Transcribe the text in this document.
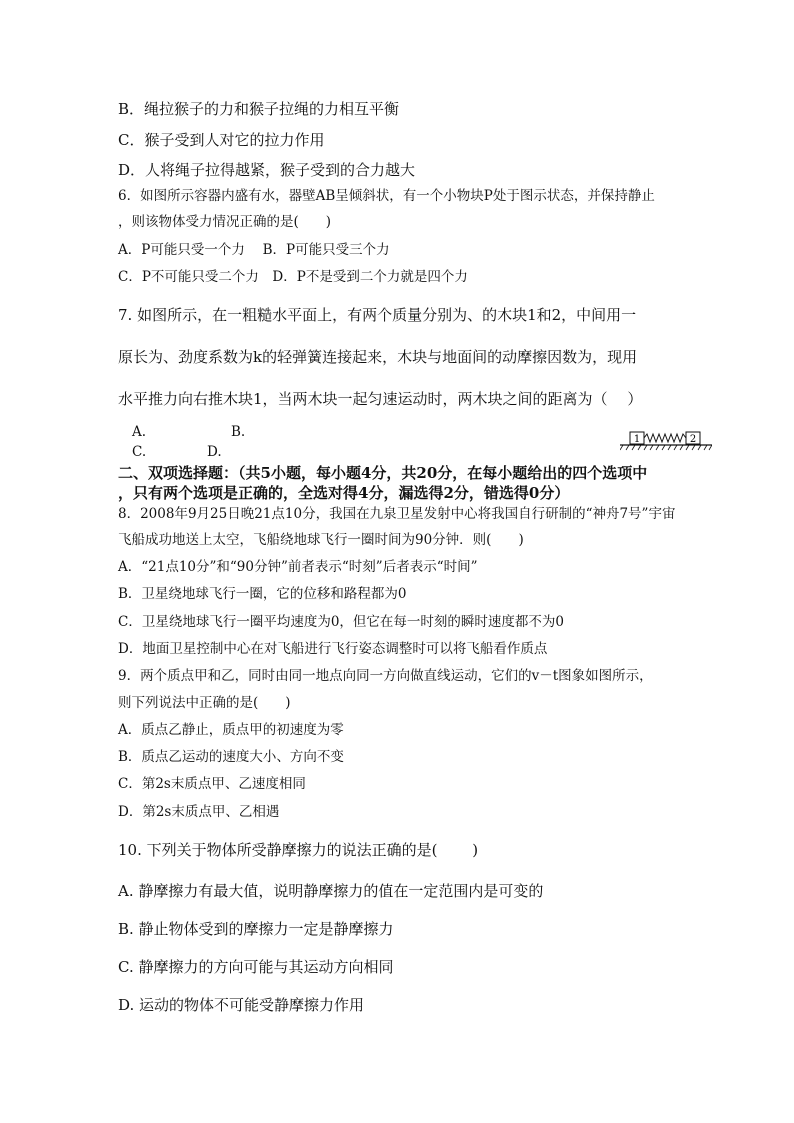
B．绳拉猴子的力和猴子拉绳的力相互平衡
C．猴子受到人对它的拉力作用
D．人将绳子拉得越紧，猴子受到的合力越大
6．如图所示容器内盛有水，器壁AB呈倾斜状，有一个小物块P处于图示状态，并保持静止
，则该物体受力情况正确的是(　　)
A．P可能只受一个力　 B．P可能只受三个力
C．P不可能只受二个力　D．P不是受到二个力就是四个力
7. 如图所示，在一粗糙水平面上，有两个质量分别为、的木块1和2，中间用一
原长为、劲度系数为k的轻弹簧连接起来，木块与地面间的动摩擦因数为，现用
水平推力向右推木块1，当两木块一起匀速运动时，两木块之间的距离为（　 ）
A.	B.
C.	D.
1	2
二、双项选择题：（共5小题，每小题4分，共20分，在每小题给出的四个选项中
，只有两个选项是正确的，全选对得4分，漏选得2分，错选得0分）
8．2008年9月25日晚21点10分，我国在九泉卫星发射中心将我国自行研制的“神舟7号”宇宙
飞船成功地送上太空，飞船绕地球飞行一圈时间为90分钟．则(　　)
A．“21点10分”和“90分钟”前者表示“时刻”后者表示“时间”
B．卫星绕地球飞行一圈，它的位移和路程都为0
C．卫星绕地球飞行一圈平均速度为0，但它在每一时刻的瞬时速度都不为0
D．地面卫星控制中心在对飞船进行飞行姿态调整时可以将飞船看作质点
9．两个质点甲和乙，同时由同一地点向同一方向做直线运动，它们的v－t图象如图所示，
则下列说法中正确的是(　　)
A．质点乙静止，质点甲的初速度为零
B．质点乙运动的速度大小、方向不变
C．第2s末质点甲、乙速度相同
D．第2s末质点甲、乙相遇
10. 下列关于物体所受静摩擦力的说法正确的是(　　 )
A. 静摩擦力有最大值，说明静摩擦力的值在一定范围内是可变的
B. 静止物体受到的摩擦力一定是静摩擦力
C. 静摩擦力的方向可能与其运动方向相同
D. 运动的物体不可能受静摩擦力作用
